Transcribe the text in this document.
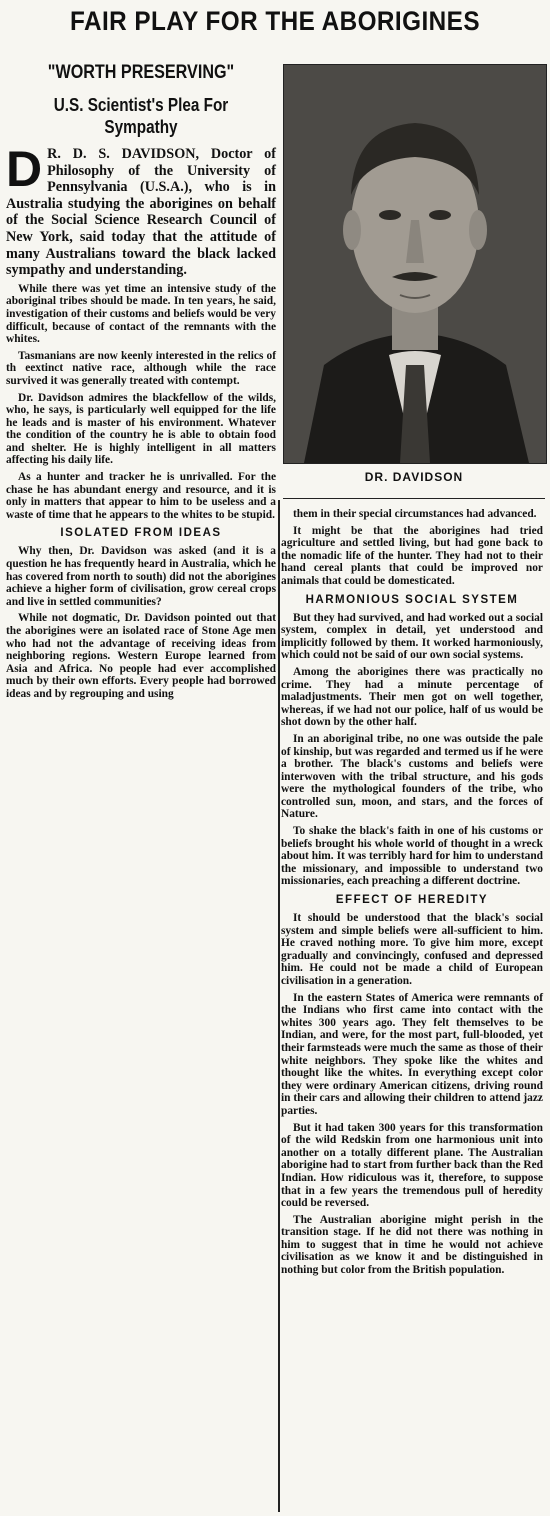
FAIR PLAY FOR THE ABORIGINES
"WORTH PRESERVING"
U.S. Scientist's Plea For Sympathy

D R. D. S. DAVIDSON, Doctor of Philosophy of the University of Pennsylvania (U.S.A.), who is in Australia studying the aborigines on behalf of the Social Science Research Council of New York, said today that the attitude of many Australians toward the black lacked sympathy and understanding.

While there was yet time an intensive study of the aboriginal tribes should be made. In ten years, he said, investigation of their customs and beliefs would be very difficult, because of contact of the remnants with the whites.

Tasmanians are now keenly interested in the relics of th eextinct native race, although while the race survived it was generally treated with contempt.

Dr. Davidson admires the blackfellow of the wilds, who, he says, is particularly well equipped for the life he leads and is master of his environment. Whatever the condition of the country he is able to obtain food and shelter. He is highly intelligent in all matters affecting his daily life.

As a hunter and tracker he is unrivalled. For the chase he has abundant energy and resource, and it is only in matters that appear to him to be useless and a waste of time that he appears to the whites to be stupid.

ISOLATED FROM IDEAS

Why then, Dr. Davidson was asked (and it is a question he has frequently heard in Australia, which he has covered from north to south) did not the aborigines achieve a higher form of civilisation, grow cereal crops and live in settled communities?

While not dogmatic, Dr. Davidson pointed out that the aborigines were an isolated race of Stone Age men who had not the advantage of receiving ideas from neighboring regions. Western Europe learned from Asia and Africa. No people had ever accomplished much by their own efforts. Every people had borrowed ideas and by regrouping and using

DR. DAVIDSON

them in their special circumstances had advanced.

It might be that the aborigines had tried agriculture and settled living, but had gone back to the nomadic life of the hunter. They had not to their hand cereal plants that could be improved nor animals that could be domesticated.

HARMONIOUS SOCIAL SYSTEM

But they had survived, and had worked out a social system, complex in detail, yet understood and implicitly followed by them. It worked harmoniously, which could not be said of our own social systems.

Among the aborigines there was practically no crime. They had a minute percentage of maladjustments. Their men got on well together, whereas, if we had not our police, half of us would be shot down by the other half.

In an aboriginal tribe, no one was outside the pale of kinship, but was regarded and termed us if he were a brother. The black's customs and beliefs were interwoven with the tribal structure, and his gods were the mythological founders of the tribe, who controlled sun, moon, and stars, and the forces of Nature.

To shake the black's faith in one of his customs or beliefs brought his whole world of thought in a wreck about him. It was terribly hard for him to understand the missionary, and impossible to understand two missionaries, each preaching a different doctrine.

EFFECT OF HEREDITY

It should be understood that the black's social system and simple beliefs were all-sufficient to him. He craved nothing more. To give him more, except gradually and convincingly, confused and depressed him. He could not be made a child of European civilisation in a generation.

In the eastern States of America were remnants of the Indians who first came into contact with the whites 300 years ago. They felt themselves to be Indian, and were, for the most part, full-blooded, yet their farmsteads were much the same as those of their white neighbors. They spoke like the whites and thought like the whites. In everything except color they were ordinary American citizens, driving round in their cars and allowing their children to attend jazz parties.

But it had taken 300 years for this transformation of the wild Redskin from one harmonious unit into another on a totally different plane. The Australian aborigine had to start from further back than the Red Indian. How ridiculous was it, therefore, to suppose that in a few years the tremendous pull of heredity could be reversed.

The Australian aborigine might perish in the transition stage. If he did not there was nothing in him to suggest that in time he would not achieve civilisation as we know it and be distinguished in nothing but color from the British population.
